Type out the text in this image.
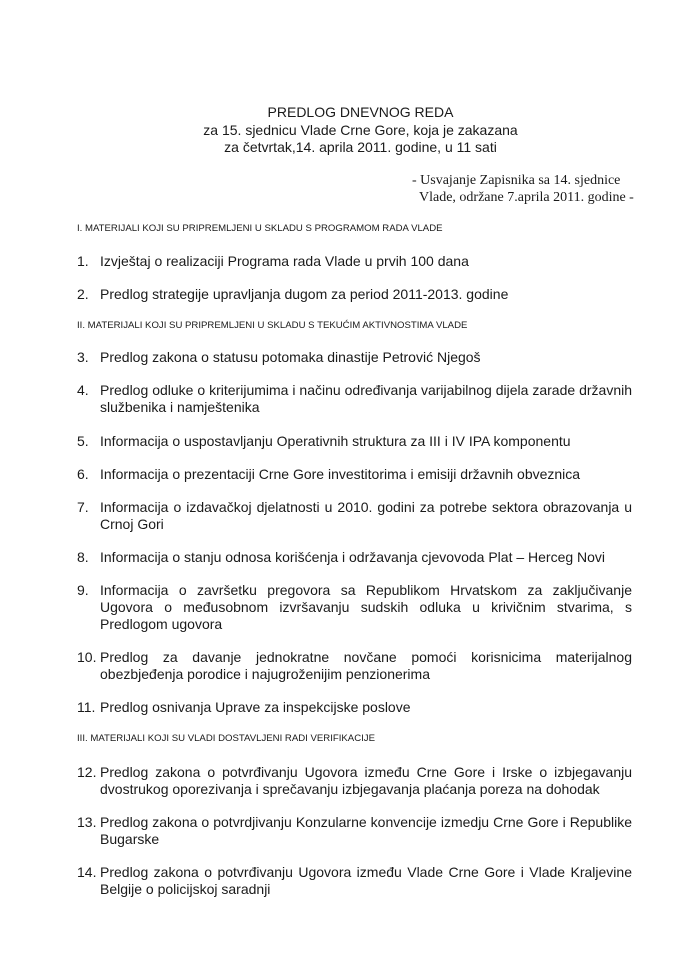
PREDLOG DNEVNOG REDA
za 15. sjednicu Vlade Crne Gore, koja je zakazana
za četvrtak,14. aprila 2011. godine, u 11 sati
- Usvajanje Zapisnika sa 14. sjednice
Vlade, održane 7.aprila 2011. godine -
I. MATERIJALI KOJI SU PRIPREMLJENI U SKLADU S PROGRAMOM RADA VLADE
II. MATERIJALI KOJI SU PRIPREMLJENI U SKLADU S TEKUĆIM AKTIVNOSTIMA VLADE
III. MATERIJALI KOJI SU VLADI DOSTAVLJENI RADI VERIFIKACIJE
1. Izvještaj o realizaciji Programa rada Vlade u prvih 100 dana
2. Predlog strategije upravljanja dugom za period 2011-2013. godine
3. Predlog zakona o statusu potomaka dinastije Petrović Njegoš
4. Predlog odluke o kriterijumima i načinu određivanja varijabilnog dijela zarade državnih službenika i namještenika
5. Informacija o uspostavljanju Operativnih struktura za III i IV IPA komponentu
6. Informacija o prezentaciji Crne Gore investitorima i emisiji državnih obveznica
7. Informacija o izdavačkoj djelatnosti u 2010. godini za potrebe sektora obrazovanja u Crnoj Gori
8. Informacija o stanju odnosa korišćenja i održavanja cjevovoda Plat – Herceg Novi
9. Informacija o završetku pregovora sa Republikom Hrvatskom za zaključivanje Ugovora o međusobnom izvršavanju sudskih odluka u krivičnim stvarima, s Predlogom ugovora
10. Predlog za davanje jednokratne novčane pomoći korisnicima materijalnog obezbjeđenja porodice i najugroženijim penzionerima
11. Predlog osnivanja Uprave za inspekcijske poslove
12. Predlog zakona o potvrđivanju Ugovora između Crne Gore i Irske o izbjegavanju dvostrukog oporezivanja i sprečavanju izbjegavanja plaćanja poreza na dohodak
13. Predlog zakona o potvrdjivanju Konzularne konvencije izmedju Crne Gore i Republike Bugarske
14. Predlog zakona o potvrđivanju Ugovora između Vlade Crne Gore i Vlade Kraljevine Belgije o policijskoj saradnji
